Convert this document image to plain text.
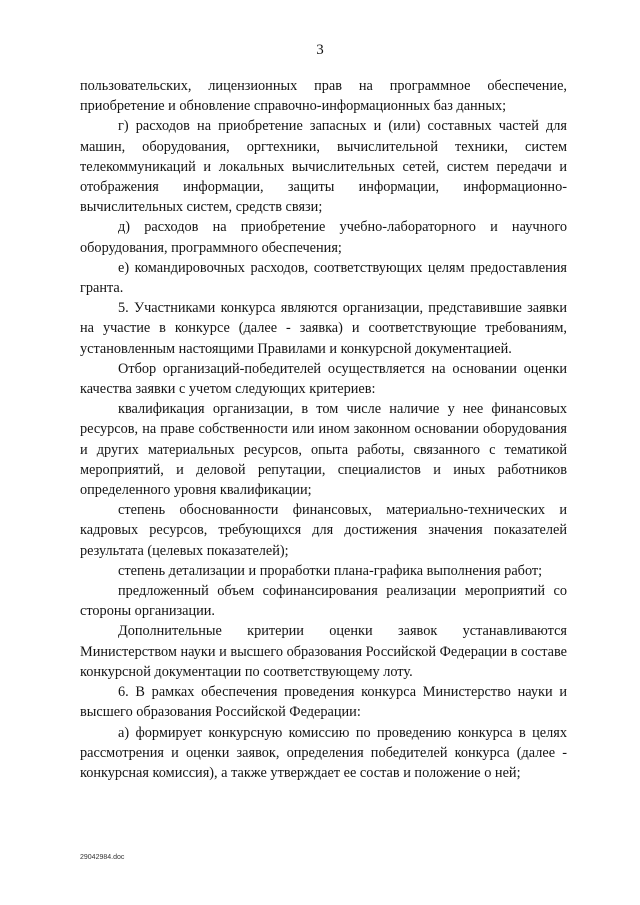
3

пользовательских, лицензионных прав на программное обеспечение, приобретение и обновление справочно-информационных баз данных;

г) расходов на приобретение запасных и (или) составных частей для машин, оборудования, оргтехники, вычислительной техники, систем телекоммуникаций и локальных вычислительных сетей, систем передачи и отображения информации, защиты информации, информационно-вычислительных систем, средств связи;

д) расходов на приобретение учебно-лабораторного и научного оборудования, программного обеспечения;

е) командировочных расходов, соответствующих целям предоставления гранта.

5. Участниками конкурса являются организации, представившие заявки на участие в конкурсе (далее - заявка) и соответствующие требованиям, установленным настоящими Правилами и конкурсной документацией.

Отбор организаций-победителей осуществляется на основании оценки качества заявки с учетом следующих критериев:

квалификация организации, в том числе наличие у нее финансовых ресурсов, на праве собственности или ином законном основании оборудования и других материальных ресурсов, опыта работы, связанного с тематикой мероприятий, и деловой репутации, специалистов и иных работников определенного уровня квалификации;

степень обоснованности финансовых, материально-технических и кадровых ресурсов, требующихся для достижения значения показателей результата (целевых показателей);

степень детализации и проработки плана-графика выполнения работ;

предложенный объем софинансирования реализации мероприятий со стороны организации.

Дополнительные критерии оценки заявок устанавливаются Министерством науки и высшего образования Российской Федерации в составе конкурсной документации по соответствующему лоту.

6. В рамках обеспечения проведения конкурса Министерство науки и высшего образования Российской Федерации:

а) формирует конкурсную комиссию по проведению конкурса в целях рассмотрения и оценки заявок, определения победителей конкурса (далее - конкурсная комиссия), а также утверждает ее состав и положение о ней;

29042984.doc
